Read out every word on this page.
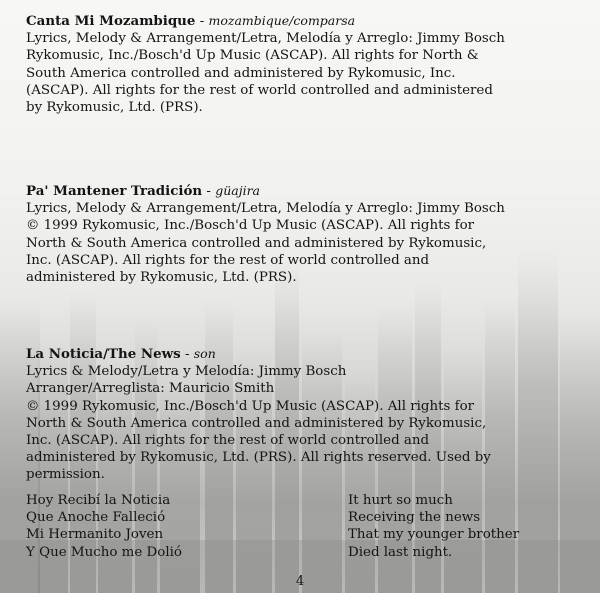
Canta Mi Mozambique - mozambique/comparsa
Lyrics, Melody & Arrangement/Letra, Melodía y Arreglo: Jimmy Bosch
Rykomusic, Inc./Bosch'd Up Music (ASCAP). All rights for North &
South America controlled and administered by Rykomusic, Inc.
(ASCAP). All rights for the rest of world controlled and administered
by Rykomusic, Ltd. (PRS).
Pa' Mantener Tradición - güajira
Lyrics, Melody & Arrangement/Letra, Melodía y Arreglo: Jimmy Bosch
© 1999 Rykomusic, Inc./Bosch'd Up Music (ASCAP). All rights for
North & South America controlled and administered by Rykomusic,
Inc. (ASCAP). All rights for the rest of world controlled and
administered by Rykomusic, Ltd. (PRS).
La Noticia/The News - son
Lyrics & Melody/Letra y Melodía: Jimmy Bosch
Arranger/Arreglista: Mauricio Smith
© 1999 Rykomusic, Inc./Bosch'd Up Music (ASCAP). All rights for
North & South America controlled and administered by Rykomusic,
Inc. (ASCAP). All rights for the rest of world controlled and
administered by Rykomusic, Ltd. (PRS). All rights reserved. Used by
permission.
Hoy Recibí la Noticia
Que Anoche Falleció
Mi Hermanito Joven
Y Que Mucho me Dolió
It hurt so much
Receiving the news
That my younger brother
Died last night.
4
